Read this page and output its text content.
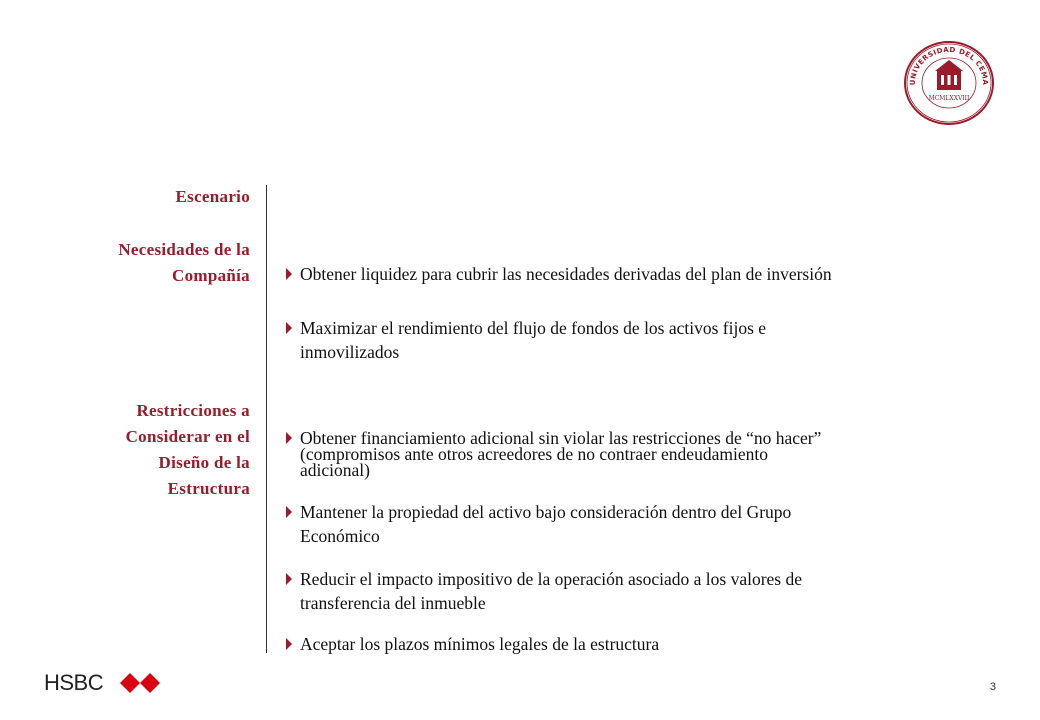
UNIVERSIDAD DEL CEMA
MCMLXXVIII
Escenario
Necesidades de la
Compañía
Restricciones a
Considerar en el
Diseño de la
Estructura
Obtener liquidez para cubrir las necesidades derivadas del plan de inversión
Maximizar el rendimiento del flujo de fondos de los activos fijos e
inmovilizados
Obtener financiamiento adicional sin violar las restricciones de “no hacer”
(compromisos ante otros acreedores de no contraer endeudamiento
adicional)
Mantener la propiedad del activo bajo consideración dentro del Grupo
Económico
Reducir el impacto impositivo de la operación asociado a los valores de
transferencia del inmueble
Aceptar los plazos mínimos legales de la estructura
HSBC	3
